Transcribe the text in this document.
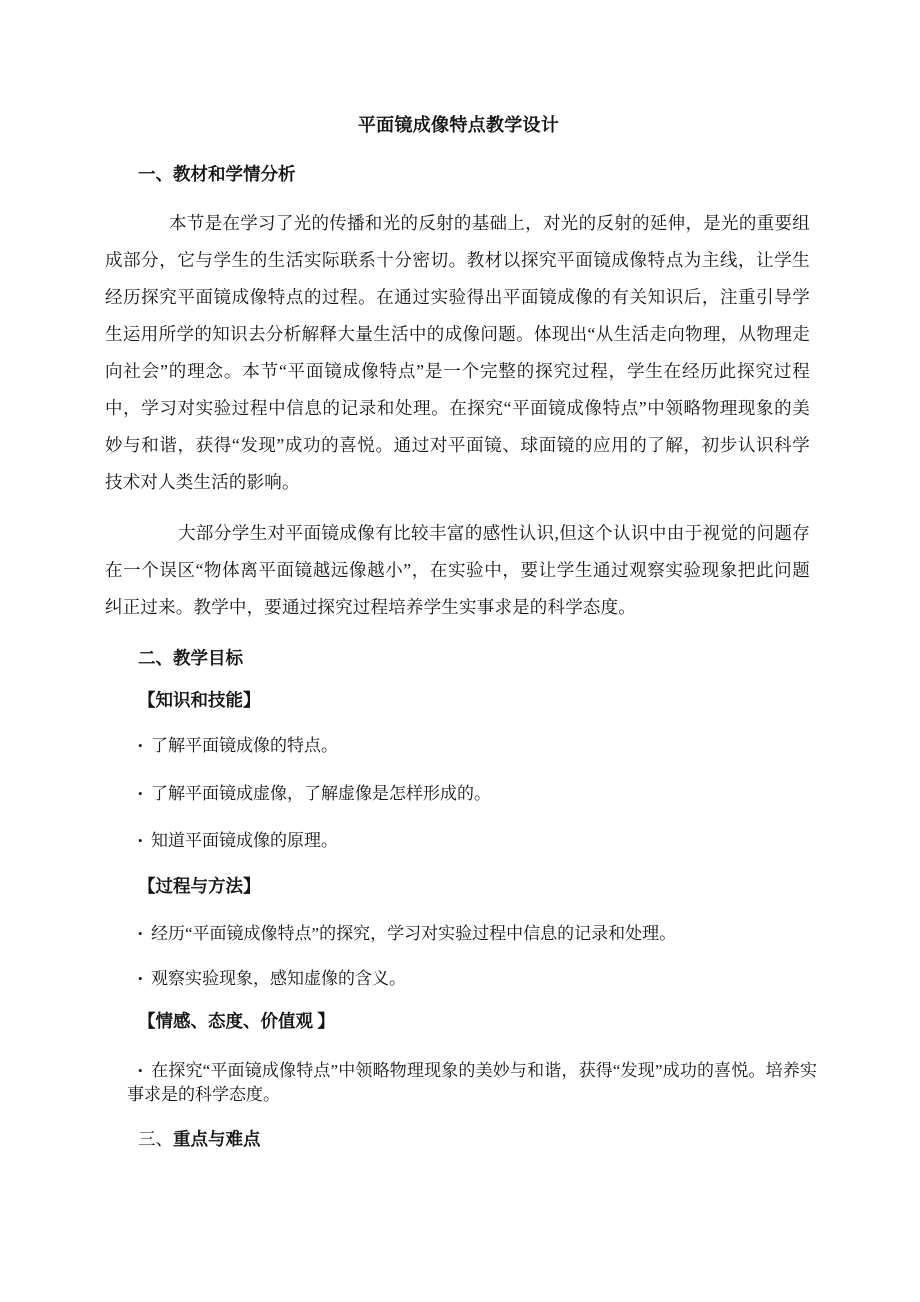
平面镜成像特点教学设计
一、教材和学情分析

本节是在学习了光的传播和光的反射的基础上，对光的反射的延伸，是光的重要组成部分，它与学生的生活实际联系十分密切。教材以探究平面镜成像特点为主线，让学生经历探究平面镜成像特点的过程。在通过实验得出平面镜成像的有关知识后，注重引导学生运用所学的知识去分析解释大量生活中的成像问题。体现出“从生活走向物理，从物理走向社会”的理念。本节“平面镜成像特点”是一个完整的探究过程，学生在经历此探究过程中，学习对实验过程中信息的记录和处理。在探究“平面镜成像特点”中领略物理现象的美妙与和谐，获得“发现”成功的喜悦。通过对平面镜、球面镜的应用的了解，初步认识科学技术对人类生活的影响。

大部分学生对平面镜成像有比较丰富的感性认识,但这个认识中由于视觉的问题存在一个误区“物体离平面镜越远像越小”，在实验中，要让学生通过观察实验现象把此问题纠正过来。教学中，要通过探究过程培养学生实事求是的科学态度。

二、教学目标
【知识和技能】

• 了解平面镜成像的特点。

• 了解平面镜成虚像，了解虚像是怎样形成的。

• 知道平面镜成像的原理。

【过程与方法】

• 经历“平面镜成像特点”的探究，学习对实验过程中信息的记录和处理。

• 观察实验现象，感知虚像的含义。

【情感、态度、价值观 】

• 在探究“平面镜成像特点”中领略物理现象的美妙与和谐，获得“发现”成功的喜悦。培养实事求是的科学态度。

三、重点与难点
